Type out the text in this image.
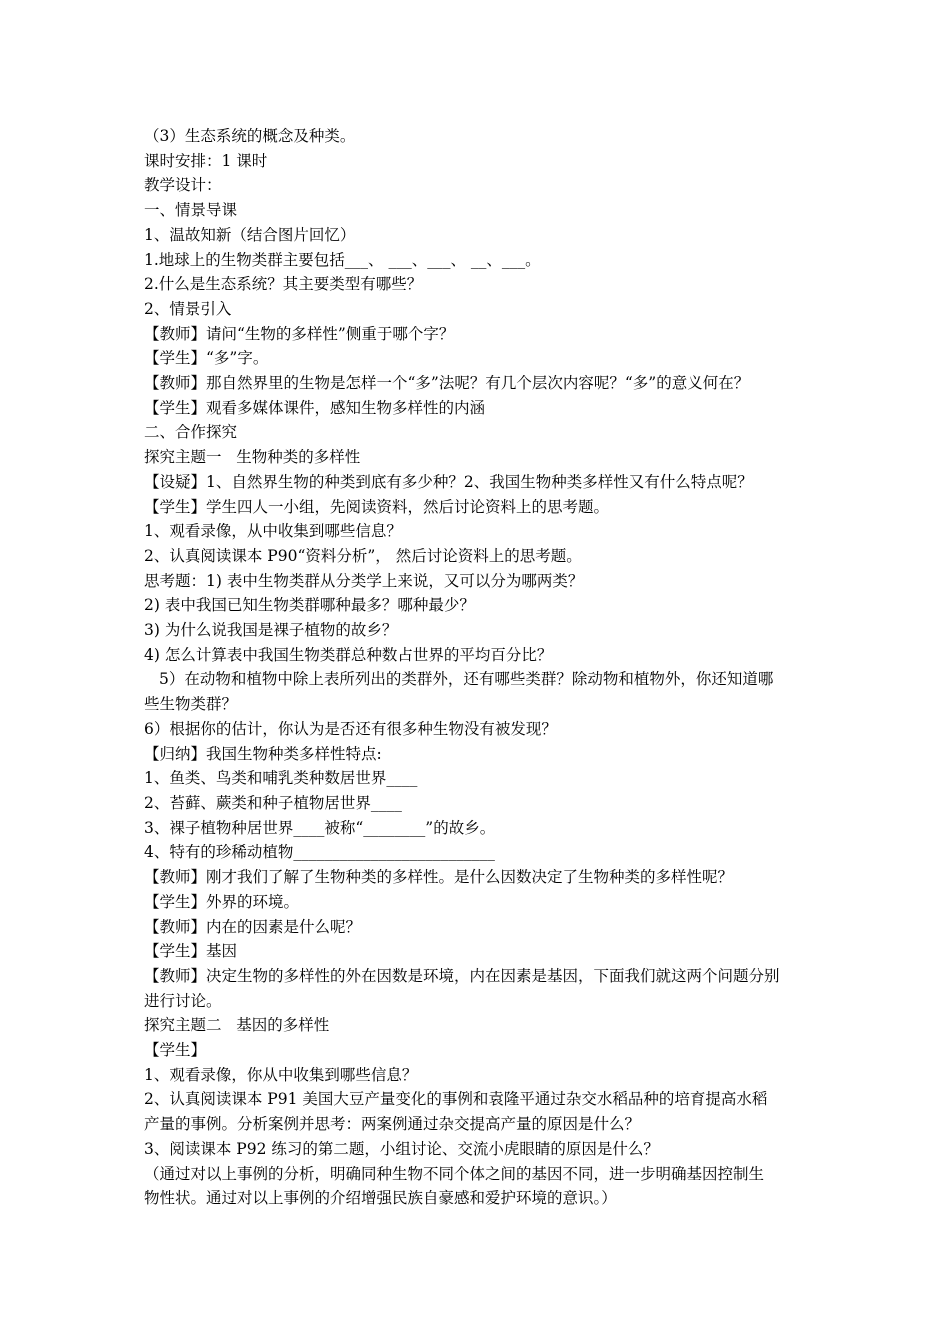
（3）生态系统的概念及种类。

课时安排：1 课时

教学设计：

一、情景导课

1、温故知新（结合图片回忆）

1.地球上的生物类群主要包括___、 ___、___、 __、___。

2.什么是生态系统？其主要类型有哪些？

2、情景引入

【教师】请问“生物的多样性”侧重于哪个字？

【学生】“多”字。

【教师】那自然界里的生物是怎样一个“多”法呢？有几个层次内容呢？“多”的意义何在？

【学生】观看多媒体课件，感知生物多样性的内涵

二、合作探究

探究主题一   生物种类的多样性

【设疑】1、自然界生物的种类到底有多少种？2、我国生物种类多样性又有什么特点呢？

【学生】学生四人一小组，先阅读资料，然后讨论资料上的思考题。

1、观看录像，从中收集到哪些信息？

2、认真阅读课本 P90“资料分析”， 然后讨论资料上的思考题。

思考题：1) 表中生物类群从分类学上来说，又可以分为哪两类？

2) 表中我国已知生物类群哪种最多？哪种最少？

3) 为什么说我国是裸子植物的故乡？

4) 怎么计算表中我国生物类群总种数占世界的平均百分比？

5）在动物和植物中除上表所列出的类群外，还有哪些类群？除动物和植物外，你还知道哪

些生物类群？

6）根据你的估计，你认为是否还有很多种生物没有被发现？

【归纳】我国生物种类多样性特点:

1、鱼类、鸟类和哺乳类种数居世界____

2、苔藓、蕨类和种子植物居世界____

3、裸子植物种居世界____被称“________”的故乡。

4、特有的珍稀动植物__________________________

【教师】刚才我们了解了生物种类的多样性。是什么因数决定了生物种类的多样性呢？

【学生】外界的环境。

【教师】内在的因素是什么呢？

【学生】基因

【教师】决定生物的多样性的外在因数是环境，内在因素是基因，下面我们就这两个问题分别

进行讨论。

探究主题二   基因的多样性

【学生】

1、观看录像，你从中收集到哪些信息？

2、认真阅读课本 P91 美国大豆产量变化的事例和袁隆平通过杂交水稻品种的培育提高水稻

产量的事例。分析案例并思考：两案例通过杂交提高产量的原因是什么？

3、阅读课本 P92 练习的第二题，小组讨论、交流小虎眼睛的原因是什么？

（通过对以上事例的分析，明确同种生物不同个体之间的基因不同，进一步明确基因控制生

物性状。通过对以上事例的介绍增强民族自豪感和爱护环境的意识。）
